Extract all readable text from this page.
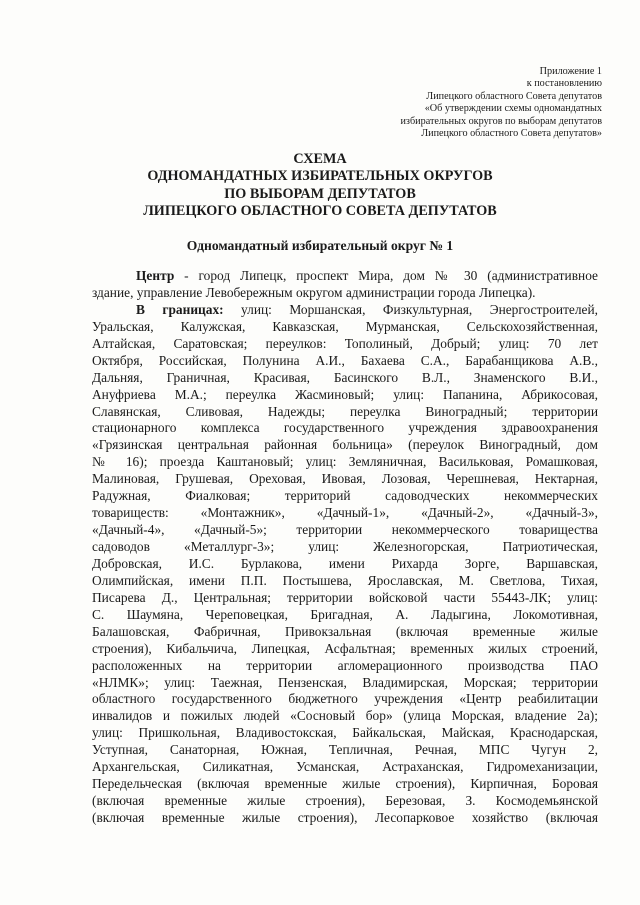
Приложение 1
к постановлению
Липецкого областного Совета депутатов
«Об утверждении схемы одномандатных
избирательных округов по выборам депутатов
Липецкого областного Совета депутатов»
СХЕМА
ОДНОМАНДАТНЫХ ИЗБИРАТЕЛЬНЫХ ОКРУГОВ
ПО ВЫБОРАМ ДЕПУТАТОВ
ЛИПЕЦКОГО ОБЛАСТНОГО СОВЕТА ДЕПУТАТОВ
Одномандатный избирательный округ № 1
Центр - город Липецк, проспект Мира, дом № 30 (административное
здание, управление Левобережным округом администрации города Липецка).
В границах: улиц: Моршанская, Физкультурная, Энергостроителей,
Уральская, Калужская, Кавказская, Мурманская, Сельскохозяйственная,
Алтайская, Саратовская; переулков: Тополиный, Добрый; улиц: 70 лет
Октября, Российская, Полунина А.И., Бахаева С.А., Барабанщикова А.В.,
Дальняя, Граничная, Красивая, Басинского В.Л., Знаменского В.И.,
Ануфриева М.А.; переулка Жасминовый; улиц: Папанина, Абрикосовая,
Славянская, Сливовая, Надежды; переулка Виноградный; территории
стационарного комплекса государственного учреждения здравоохранения
«Грязинская центральная районная больница» (переулок Виноградный, дом
№ 16); проезда Каштановый; улиц: Земляничная, Васильковая, Ромашковая,
Малиновая, Грушевая, Ореховая, Ивовая, Лозовая, Черешневая, Нектарная,
Радужная, Фиалковая; территорий садоводческих некоммерческих
товариществ: «Монтажник», «Дачный-1», «Дачный-2», «Дачный-3»,
«Дачный-4», «Дачный-5»; территории некоммерческого товарищества
садоводов «Металлург-3»; улиц: Железногорская, Патриотическая,
Добровская, И.С. Бурлакова, имени Рихарда Зорге, Варшавская,
Олимпийская, имени П.П. Постышева, Ярославская, М. Светлова, Тихая,
Писарева Д., Центральная; территории войсковой части 55443-ЛК; улиц:
С. Шаумяна, Череповецкая, Бригадная, А. Ладыгина, Локомотивная,
Балашовская, Фабричная, Привокзальная (включая временные жилые
строения), Кибальчича, Липецкая, Асфальтная; временных жилых строений,
расположенных на территории агломерационного производства ПАО
«НЛМК»; улиц: Таежная, Пензенская, Владимирская, Морская; территории
областного государственного бюджетного учреждения «Центр реабилитации
инвалидов и пожилых людей «Сосновый бор» (улица Морская, владение 2а);
улиц: Пришкольная, Владивостокская, Байкальская, Майская, Краснодарская,
Уступная, Санаторная, Южная, Тепличная, Речная, МПС Чугун 2,
Архангельская, Силикатная, Усманская, Астраханская, Гидромеханизации,
Передельческая (включая временные жилые строения), Кирпичная, Боровая
(включая временные жилые строения), Березовая, З. Космодемьянской
(включая временные жилые строения), Лесопарковое хозяйство (включая
